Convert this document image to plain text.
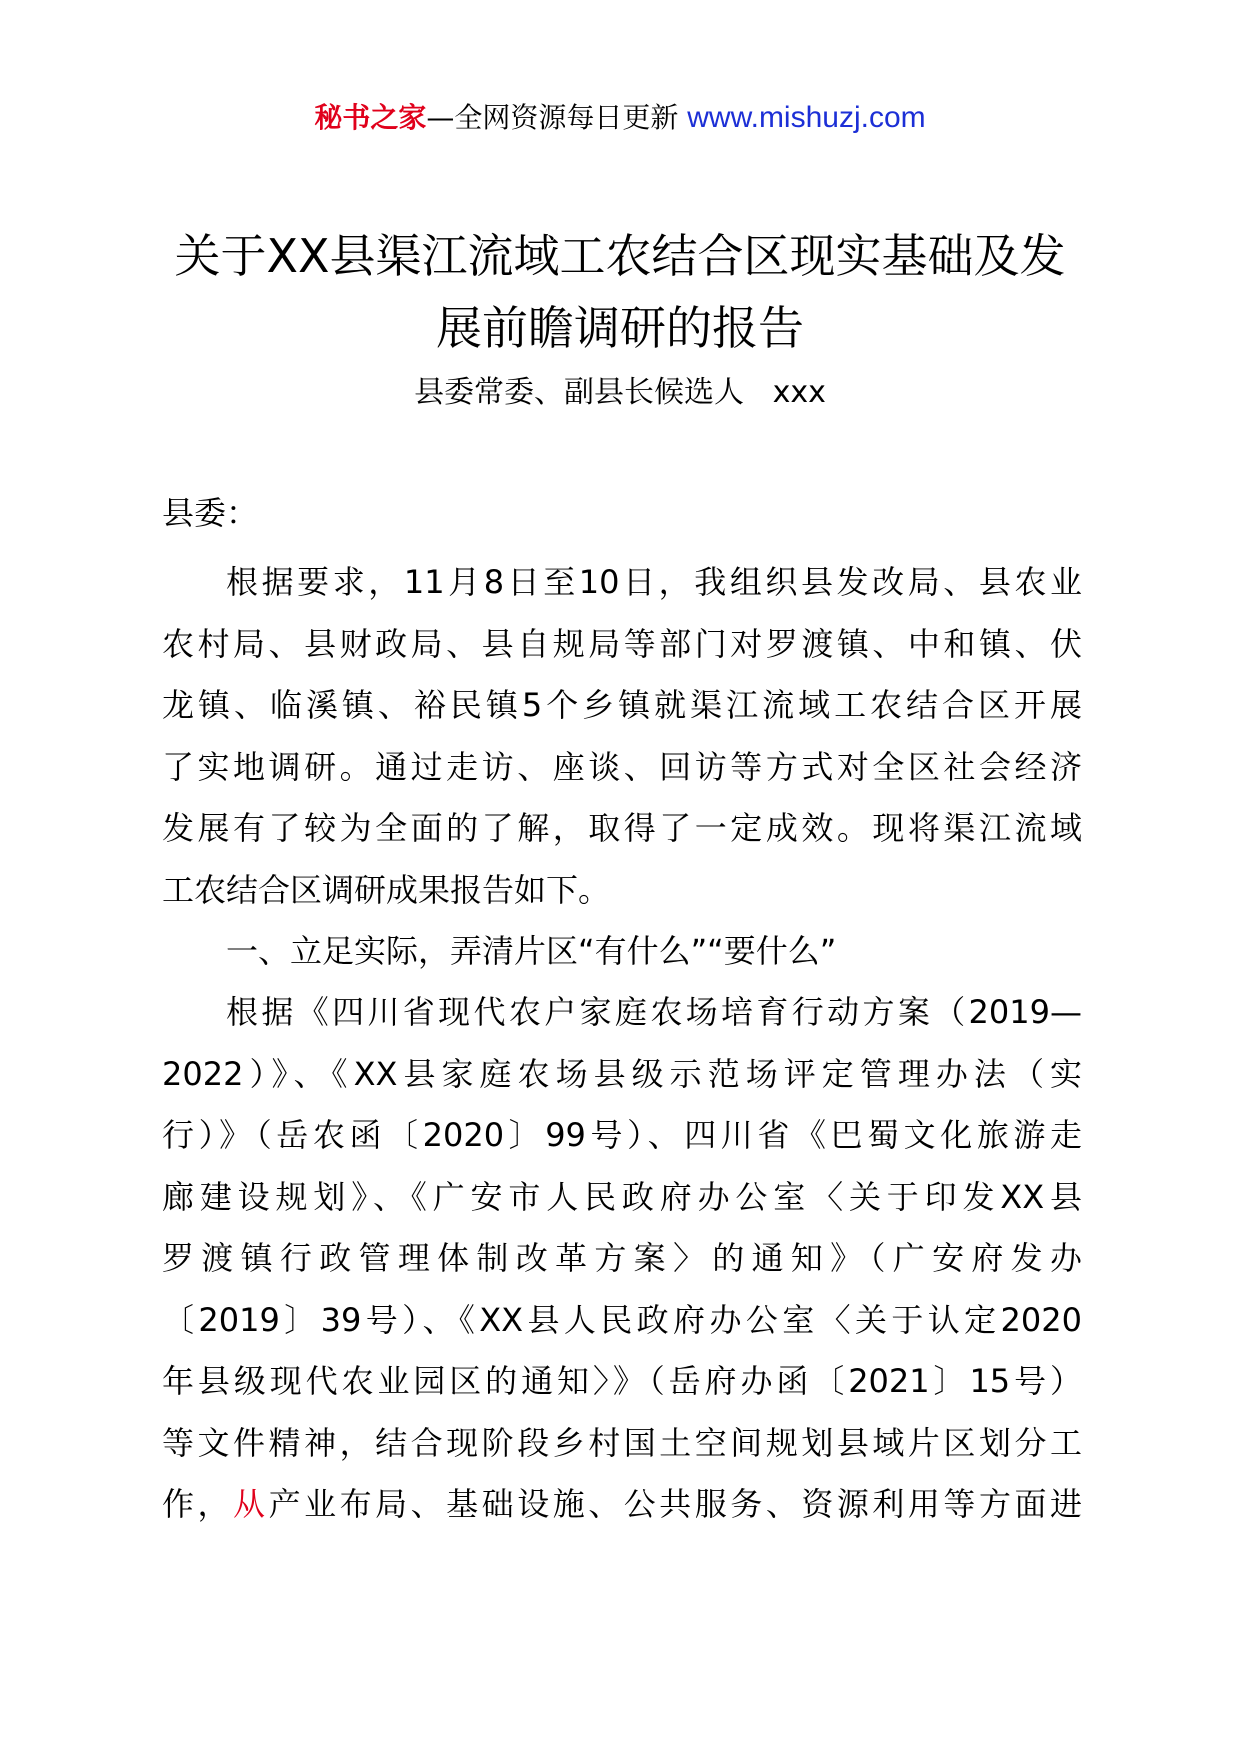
秘书之家—全网资源每日更新 www.mishuzj.com
关于XX县渠江流域工农结合区现实基础及发
展前瞻调研的报告
县委常委、副县长候选人   xxx

县委：

根据要求，11月8日至10日，我组织县发改局、县农业
农村局、县财政局、县自规局等部门对罗渡镇、中和镇、伏
龙镇、临溪镇、裕民镇5个乡镇就渠江流域工农结合区开展
了实地调研。通过走访、座谈、回访等方式对全区社会经济
发展有了较为全面的了解，取得了一定成效。现将渠江流域
工农结合区调研成果报告如下。
一、立足实际，弄清片区“有什么”“要什么”
根据《四川省现代农户家庭农场培育行动方案（2019—
2022）》、《XX县家庭农场县级示范场评定管理办法（实
行）》（岳农函〔2020〕99号）、四川省《巴蜀文化旅游走
廊建设规划》、《广安市人民政府办公室〈关于印发XX县
罗渡镇行政管理体制改革方案〉的通知》（广安府发办
〔2019〕39号）、《XX县人民政府办公室〈关于认定2020
年县级现代农业园区的通知〉》（岳府办函〔2021〕15号）
等文件精神，结合现阶段乡村国土空间规划县域片区划分工
作，从产业布局、基础设施、公共服务、资源利用等方面进
